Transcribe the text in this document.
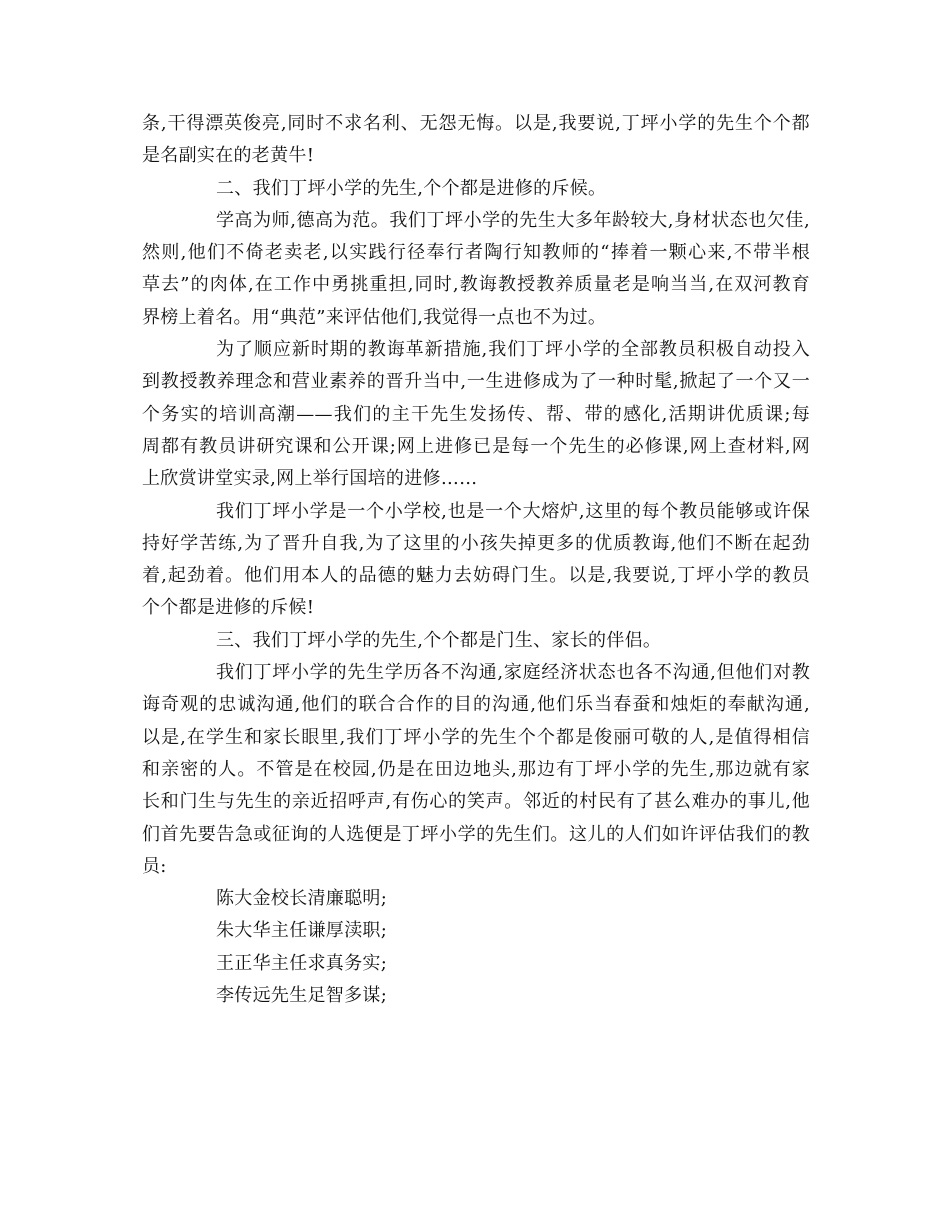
条,干得漂英俊亮,同时不求名利、无怨无悔。以是,我要说,丁坪小学的先生个个都
是名副实在的老黄牛!
二、我们丁坪小学的先生,个个都是进修的斥候。
学高为师,德高为范。我们丁坪小学的先生大多年龄较大,身材状态也欠佳,
然则,他们不倚老卖老,以实践行径奉行者陶行知教师的“捧着一颗心来,不带半根
草去”的肉体,在工作中勇挑重担,同时,教诲教授教养质量老是响当当,在双河教育
界榜上着名。用“典范”来评估他们,我觉得一点也不为过。
为了顺应新时期的教诲革新措施,我们丁坪小学的全部教员积极自动投入
到教授教养理念和营业素养的晋升当中,一生进修成为了一种时髦,掀起了一个又一
个务实的培训高潮——我们的主干先生发扬传、帮、带的感化,活期讲优质课;每
周都有教员讲研究课和公开课;网上进修已是每一个先生的必修课,网上查材料,网
上欣赏讲堂实录,网上举行国培的进修……
我们丁坪小学是一个小学校,也是一个大熔炉,这里的每个教员能够或许保
持好学苦练,为了晋升自我,为了这里的小孩失掉更多的优质教诲,他们不断在起劲
着,起劲着。他们用本人的品德的魅力去妨碍门生。以是,我要说,丁坪小学的教员
个个都是进修的斥候!
三、我们丁坪小学的先生,个个都是门生、家长的伴侣。
我们丁坪小学的先生学历各不沟通,家庭经济状态也各不沟通,但他们对教
诲奇观的忠诚沟通,他们的联合合作的目的沟通,他们乐当春蚕和烛炬的奉献沟通,
以是,在学生和家长眼里,我们丁坪小学的先生个个都是俊丽可敬的人,是值得相信
和亲密的人。不管是在校园,仍是在田边地头,那边有丁坪小学的先生,那边就有家
长和门生与先生的亲近招呼声,有伤心的笑声。邻近的村民有了甚么难办的事儿,他
们首先要告急或征询的人选便是丁坪小学的先生们。这儿的人们如许评估我们的教
员:
陈大金校长清廉聪明;
朱大华主任谦厚渎职;
王正华主任求真务实;
李传远先生足智多谋;
